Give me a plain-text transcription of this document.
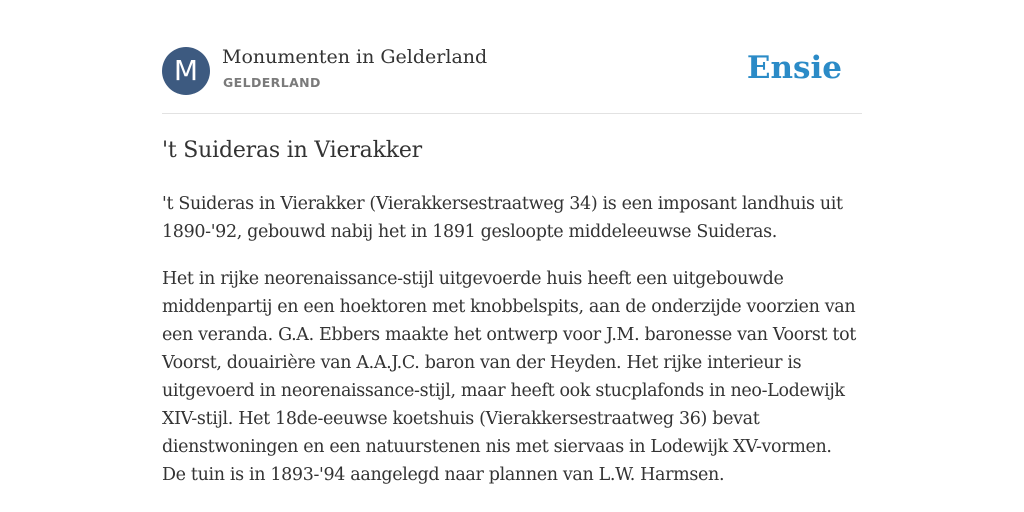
M	Monumenten in Gelderland
GELDERLAND	Ensie
't Suideras in Vierakker

't Suideras in Vierakker (Vierakkersestraatweg 34) is een imposant landhuis uit
1890-'92, gebouwd nabij het in 1891 gesloopte middeleeuwse Suideras.

Het in rijke neorenaissance-stijl uitgevoerde huis heeft een uitgebouwde
middenpartij en een hoektoren met knobbelspits, aan de onderzijde voorzien van
een veranda. G.A. Ebbers maakte het ontwerp voor J.M. baronesse van Voorst tot
Voorst, douairière van A.A.J.C. baron van der Heyden. Het rijke interieur is
uitgevoerd in neorenaissance-stijl, maar heeft ook stucplafonds in neo-Lodewijk
XIV-stijl. Het 18de-eeuwse koetshuis (Vierakkersestraatweg 36) bevat
dienstwoningen en een natuurstenen nis met siervaas in Lodewijk XV-vormen.
De tuin is in 1893-'94 aangelegd naar plannen van L.W. Harmsen.
